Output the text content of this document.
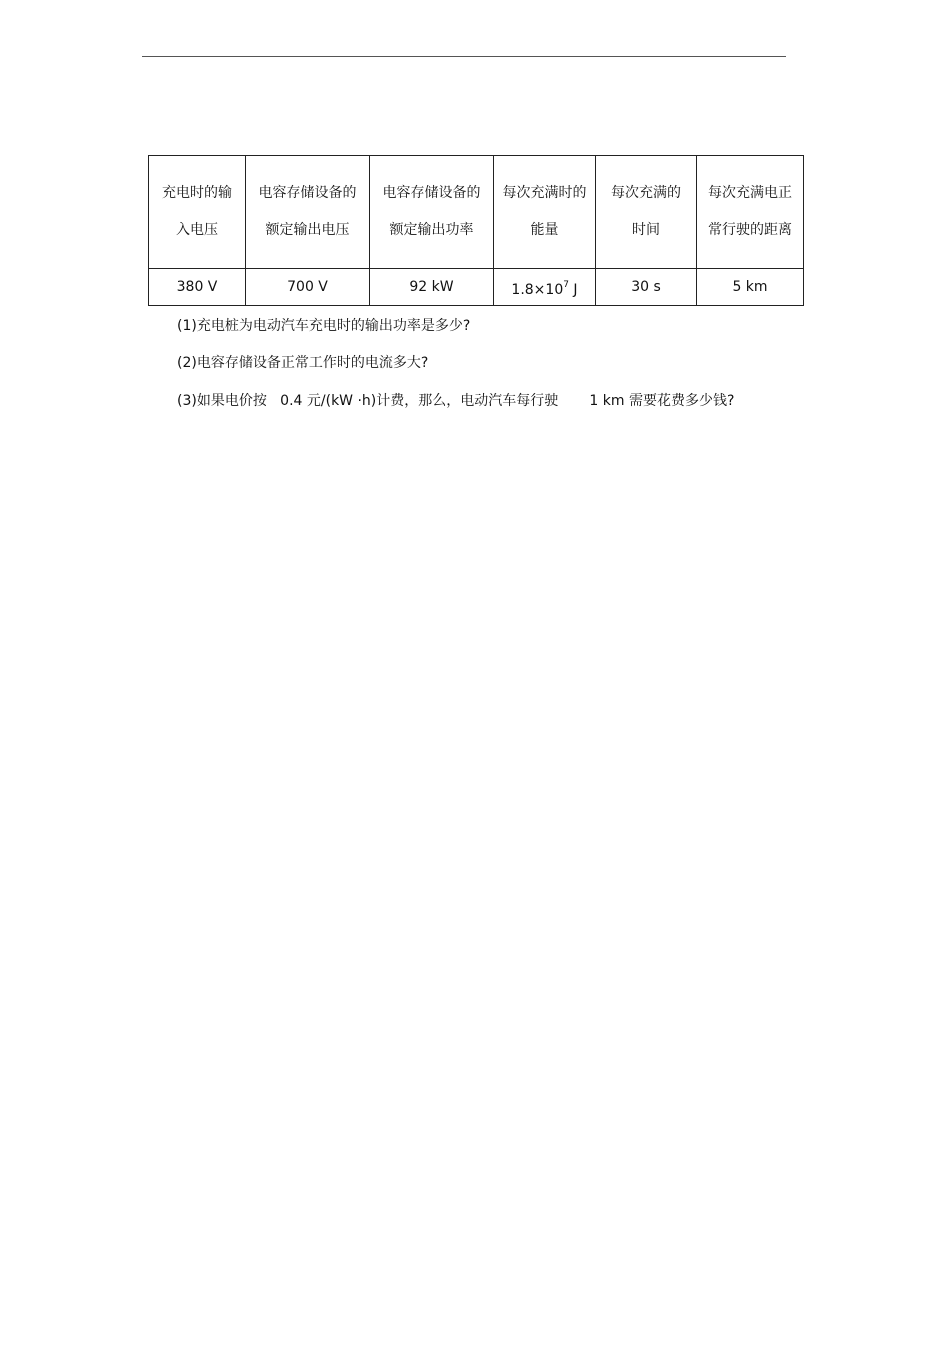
充电时的输入电压	电容存储设备的额定输出电压	电容存储设备的额定输出功率	每次充满时的能量	每次充满的时间	每次充满电正常行驶的距离

380 V	700 V	92 kW	$1.8\times 10^7$ J	30 s	5 km
(1)充电桩为电动汽车充电时的输出功率是多少?
(2)电容存储设备正常工作时的电流多大?
(3)如果电价按   0.4 元/(kW ·h)计费，那么，电动汽车每行驶       1 km 需要花费多少钱?
